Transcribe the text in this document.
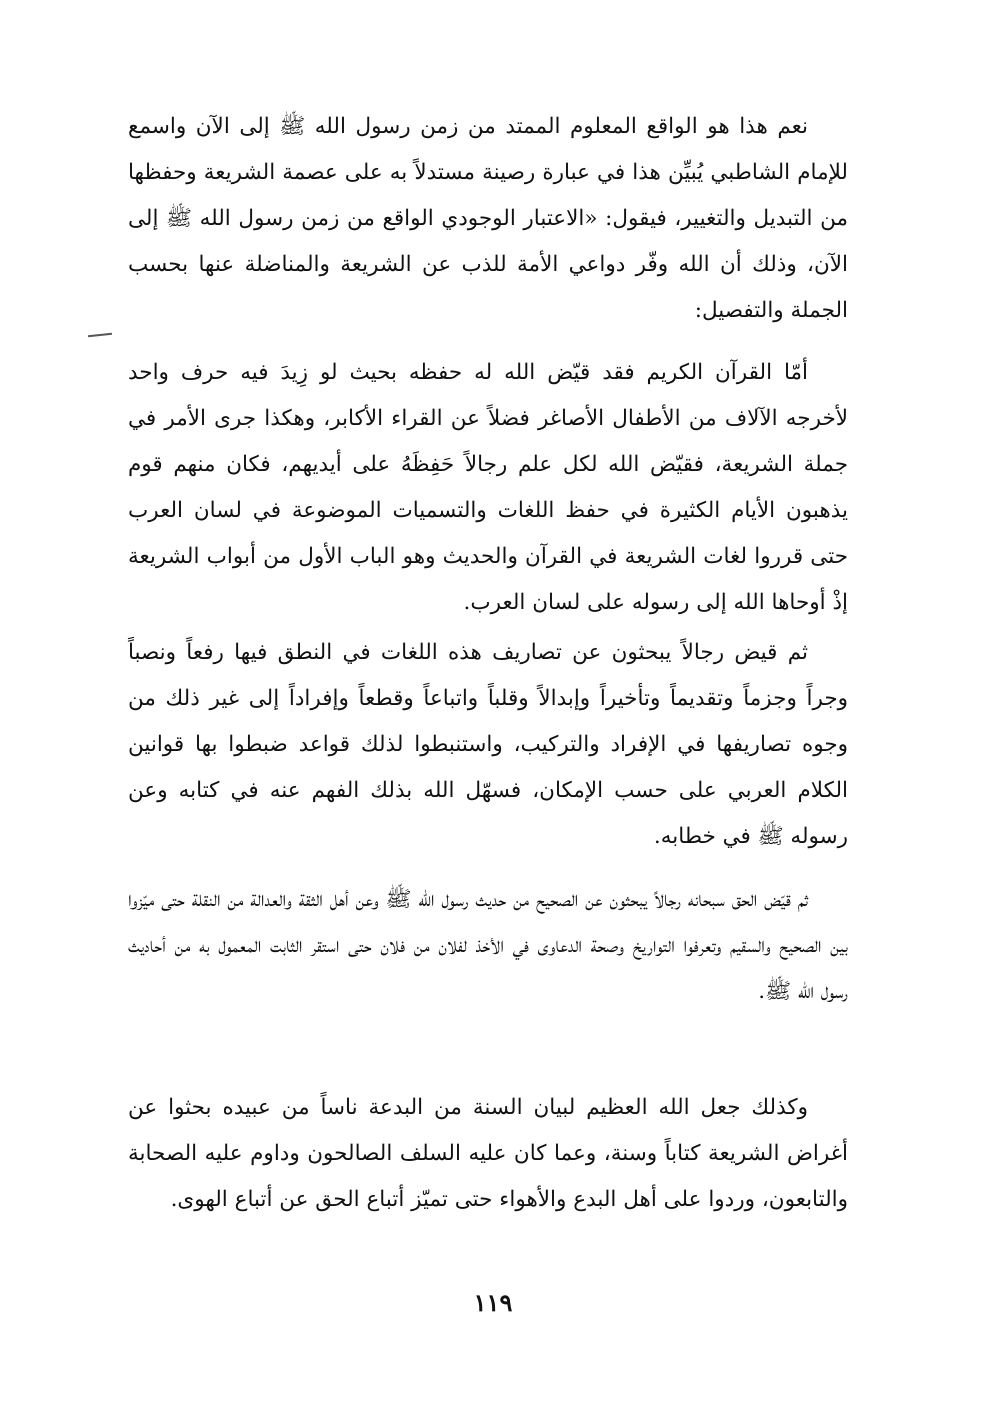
نعم هذا هو الواقع المعلوم الممتد من زمن رسول الله ﷺ إلى الآن واسمع للإمام الشاطبي يُبيِّن هذا في عبارة رصينة مستدلاً به على عصمة الشريعة وحفظها من التبديل والتغيير، فيقول: «الاعتبار الوجودي الواقع من زمن رسول الله ﷺ إلى الآن، وذلك أن الله وفّر دواعي الأمة للذب عن الشريعة والمناضلة عنها بحسب الجملة والتفصيل:

أمّا القرآن الكريم فقد قيّض الله له حفظه بحيث لو زِيدَ فيه حرف واحد لأخرجه الآلاف من الأطفال الأصاغر فضلاً عن القراء الأكابر، وهكذا جرى الأمر في جملة الشريعة، فقيّض الله لكل علم رجالاً حَفِظَهُ على أيديهم، فكان منهم قوم يذهبون الأيام الكثيرة في حفظ اللغات والتسميات الموضوعة في لسان العرب حتى قرروا لغات الشريعة في القرآن والحديث وهو الباب الأول من أبواب الشريعة إذْ أوحاها الله إلى رسوله على لسان العرب.

ثم قيض رجالاً يبحثون عن تصاريف هذه اللغات في النطق فيها رفعاً ونصباً وجراً وجزماً وتقديماً وتأخيراً وإبدالاً وقلباً واتباعاً وقطعاً وإفراداً إلى غير ذلك من وجوه تصاريفها في الإفراد والتركيب، واستنبطوا لذلك قواعد ضبطوا بها قوانين الكلام العربي على حسب الإمكان، فسهّل الله بذلك الفهم عنه في كتابه وعن رسوله ﷺ في خطابه.

ثم قيّض الحق سبحانه رجالاً يبحثون عن الصحيح من حديث رسول الله ﷺ وعن أهل الثقة والعدالة من النقلة حتى ميّزوا بين الصحيح والسقيم وتعرفوا التواريخ وصحة الدعاوى في الأخذ لفلان من فلان حتى استقر الثابت المعمول به من أحاديث رسول الله ﷺ.

وكذلك جعل الله العظيم لبيان السنة من البدعة ناساً من عبيده بحثوا عن أغراض الشريعة كتاباً وسنة، وعما كان عليه السلف الصالحون وداوم عليه الصحابة والتابعون، وردوا على أهل البدع والأهواء حتى تميّز أتباع الحق عن أتباع الهوى.

١١٩
